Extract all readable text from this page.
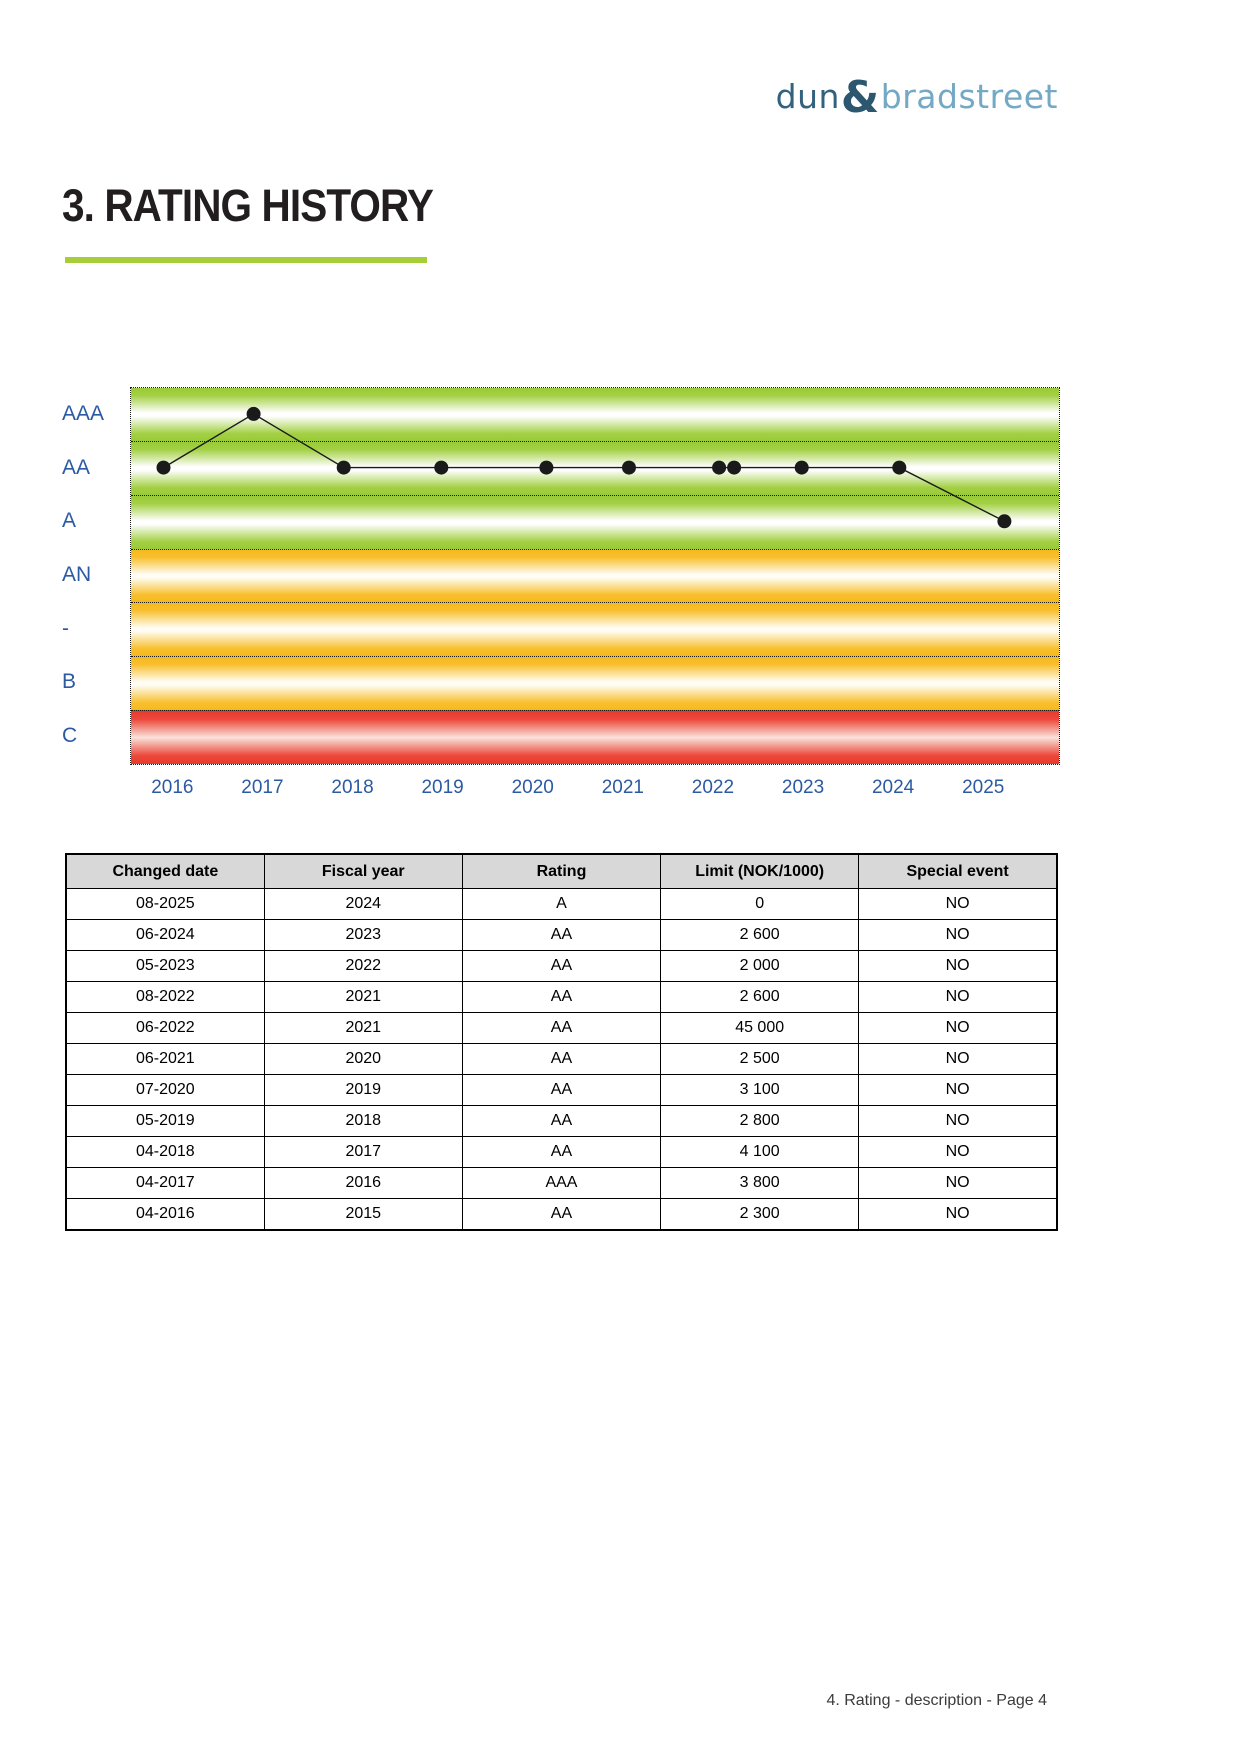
dun&bradstreet
3. RATING HISTORY
AAA
AA
A
AN
-
B
C
2016	2017	2018	2019	2020	2021	2022	2023	2024	2025
Changed date	Fiscal year	Rating	Limit (NOK/1000)	Special event
08-2025	2024	A	0	NO
06-2024	2023	AA	2 600	NO
05-2023	2022	AA	2 000	NO
08-2022	2021	AA	2 600	NO
06-2022	2021	AA	45 000	NO
06-2021	2020	AA	2 500	NO
07-2020	2019	AA	3 100	NO
05-2019	2018	AA	2 800	NO
04-2018	2017	AA	4 100	NO
04-2017	2016	AAA	3 800	NO
04-2016	2015	AA	2 300	NO
4. Rating - description - Page 4
